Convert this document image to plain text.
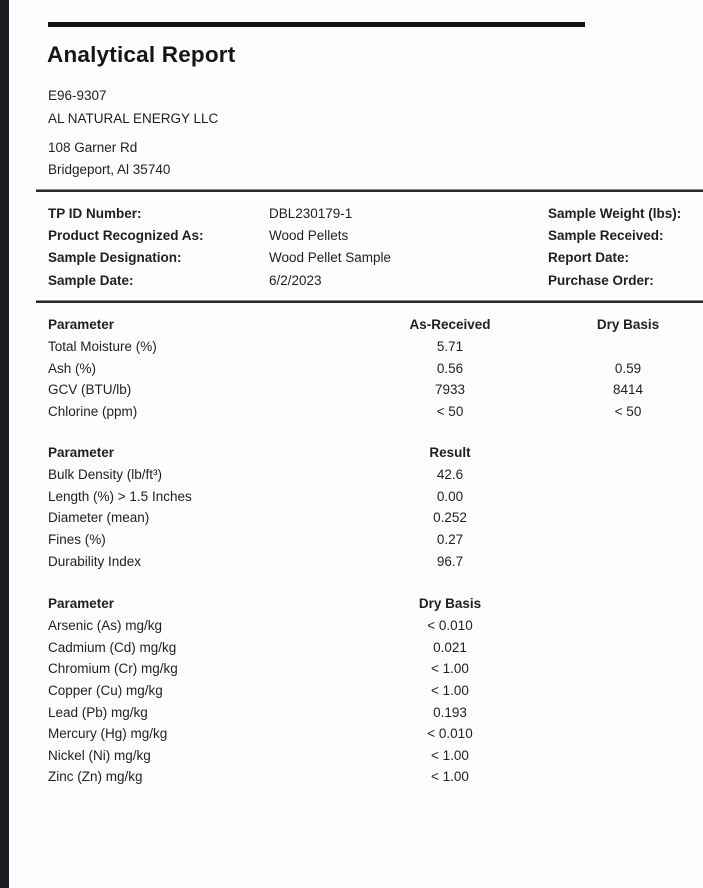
Analytical Report
E96-9307
AL NATURAL ENERGY LLC
108 Garner Rd
Bridgeport, Al 35740
TP ID Number:	DBL230179-1	Sample Weight (lbs):
Product Recognized As:	Wood Pellets	Sample Received:
Sample Designation:	Wood Pellet Sample	Report Date:
Sample Date:	6/2/2023	Purchase Order:
Parameter	As-Received	Dry Basis
Total Moisture (%)	5.71
Ash (%)	0.56	0.59
GCV (BTU/lb)	7933	8414
Chlorine (ppm)	< 50	< 50
Parameter	Result
Bulk Density (lb/ft³)	42.6
Length (%) > 1.5 Inches	0.00
Diameter (mean)	0.252
Fines (%)	0.27
Durability Index	96.7
Parameter	Dry Basis
Arsenic (As) mg/kg	< 0.010
Cadmium (Cd) mg/kg	0.021
Chromium (Cr) mg/kg	< 1.00
Copper (Cu) mg/kg	< 1.00
Lead (Pb) mg/kg	0.193
Mercury (Hg) mg/kg	< 0.010
Nickel (Ni) mg/kg	< 1.00
Zinc (Zn) mg/kg	< 1.00
